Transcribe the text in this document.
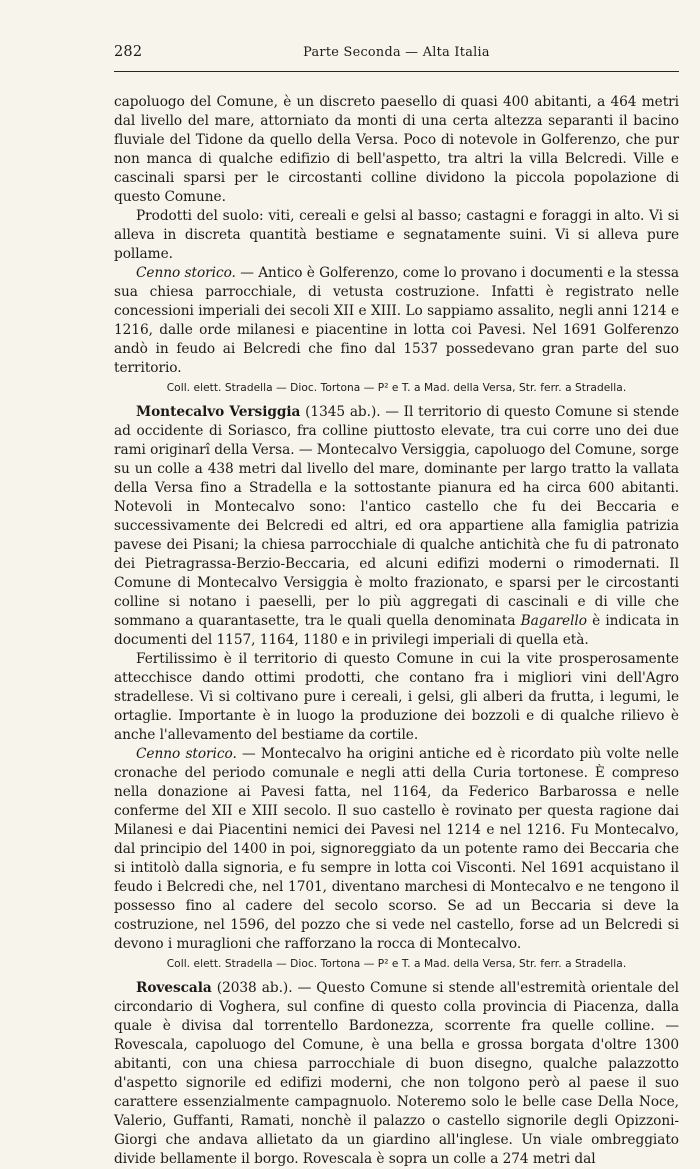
282	Parte Seconda — Alta Italia

capoluogo del Comune, è un discreto paesello di quasi 400 abitanti, a 464 metri dal livello del mare, attorniato da monti di una certa altezza separanti il bacino fluviale del Tidone da quello della Versa. Poco di notevole in Golferenzo, che pur non manca di qualche edifizio di bell'aspetto, tra altri la villa Belcredi. Ville e cascinali sparsi per le circostanti colline dividono la piccola popolazione di questo Comune.

Prodotti del suolo: viti, cereali e gelsi al basso; castagni e foraggi in alto. Vi si alleva in discreta quantità bestiame e segnatamente suini. Vi si alleva pure pollame.

Cenno storico. — Antico è Golferenzo, come lo provano i documenti e la stessa sua chiesa parrocchiale, di vetusta costruzione. Infatti è registrato nelle concessioni imperiali dei secoli XII e XIII. Lo sappiamo assalito, negli anni 1214 e 1216, dalle orde milanesi e piacentine in lotta coi Pavesi. Nel 1691 Golferenzo andò in feudo ai Belcredi che fino dal 1537 possedevano gran parte del suo territorio.

Coll. elett. Stradella — Dioc. Tortona — P² e T. a Mad. della Versa, Str. ferr. a Stradella.

Montecalvo Versiggia (1345 ab.). — Il territorio di questo Comune si stende ad occidente di Soriasco, fra colline piuttosto elevate, tra cui corre uno dei due rami originarî della Versa. — Montecalvo Versiggia, capoluogo del Comune, sorge su un colle a 438 metri dal livello del mare, dominante per largo tratto la vallata della Versa fino a Stradella e la sottostante pianura ed ha circa 600 abitanti. Notevoli in Montecalvo sono: l'antico castello che fu dei Beccaria e successivamente dei Belcredi ed altri, ed ora appartiene alla famiglia patrizia pavese dei Pisani; la chiesa parrocchiale di qualche antichità che fu di patronato dei Pietragrassa-Berzio-Beccaria, ed alcuni edifizi moderni o rimodernati. Il Comune di Montecalvo Versiggia è molto frazionato, e sparsi per le circostanti colline si notano i paeselli, per lo più aggregati di cascinali e di ville che sommano a quarantasette, tra le quali quella denominata Bagarello è indicata in documenti del 1157, 1164, 1180 e in privilegi imperiali di quella età.

Fertilissimo è il territorio di questo Comune in cui la vite prosperosamente attecchisce dando ottimi prodotti, che contano fra i migliori vini dell'Agro stradellese. Vi si coltivano pure i cereali, i gelsi, gli alberi da frutta, i legumi, le ortaglie. Importante è in luogo la produzione dei bozzoli e di qualche rilievo è anche l'allevamento del bestiame da cortile.

Cenno storico. — Montecalvo ha origini antiche ed è ricordato più volte nelle cronache del periodo comunale e negli atti della Curia tortonese. È compreso nella donazione ai Pavesi fatta, nel 1164, da Federico Barbarossa e nelle conferme del XII e XIII secolo. Il suo castello è rovinato per questa ragione dai Milanesi e dai Piacentini nemici dei Pavesi nel 1214 e nel 1216. Fu Montecalvo, dal principio del 1400 in poi, signoreggiato da un potente ramo dei Beccaria che si intitolò dalla signoria, e fu sempre in lotta coi Visconti. Nel 1691 acquistano il feudo i Belcredi che, nel 1701, diventano marchesi di Montecalvo e ne tengono il possesso fino al cadere del secolo scorso. Se ad un Beccaria si deve la costruzione, nel 1596, del pozzo che si vede nel castello, forse ad un Belcredi si devono i muraglioni che rafforzano la rocca di Montecalvo.

Coll. elett. Stradella — Dioc. Tortona — P² e T. a Mad. della Versa, Str. ferr. a Stradella.

Rovescala (2038 ab.). — Questo Comune si stende all'estremità orientale del circondario di Voghera, sul confine di questo colla provincia di Piacenza, dalla quale è divisa dal torrentello Bardonezza, scorrente fra quelle colline. — Rovescala, capoluogo del Comune, è una bella e grossa borgata d'oltre 1300 abitanti, con una chiesa parrocchiale di buon disegno, qualche palazzotto d'aspetto signorile ed edifizi moderni, che non tolgono però al paese il suo carattere essenzialmente campagnuolo. Noteremo solo le belle case Della Noce, Valerio, Guffanti, Ramati, nonchè il palazzo o castello signorile degli Opizzoni-Giorgi che andava allietato da un giardino all'inglese. Un viale ombreggiato divide bellamente il borgo. Rovescala è sopra un colle a 274 metri dal
